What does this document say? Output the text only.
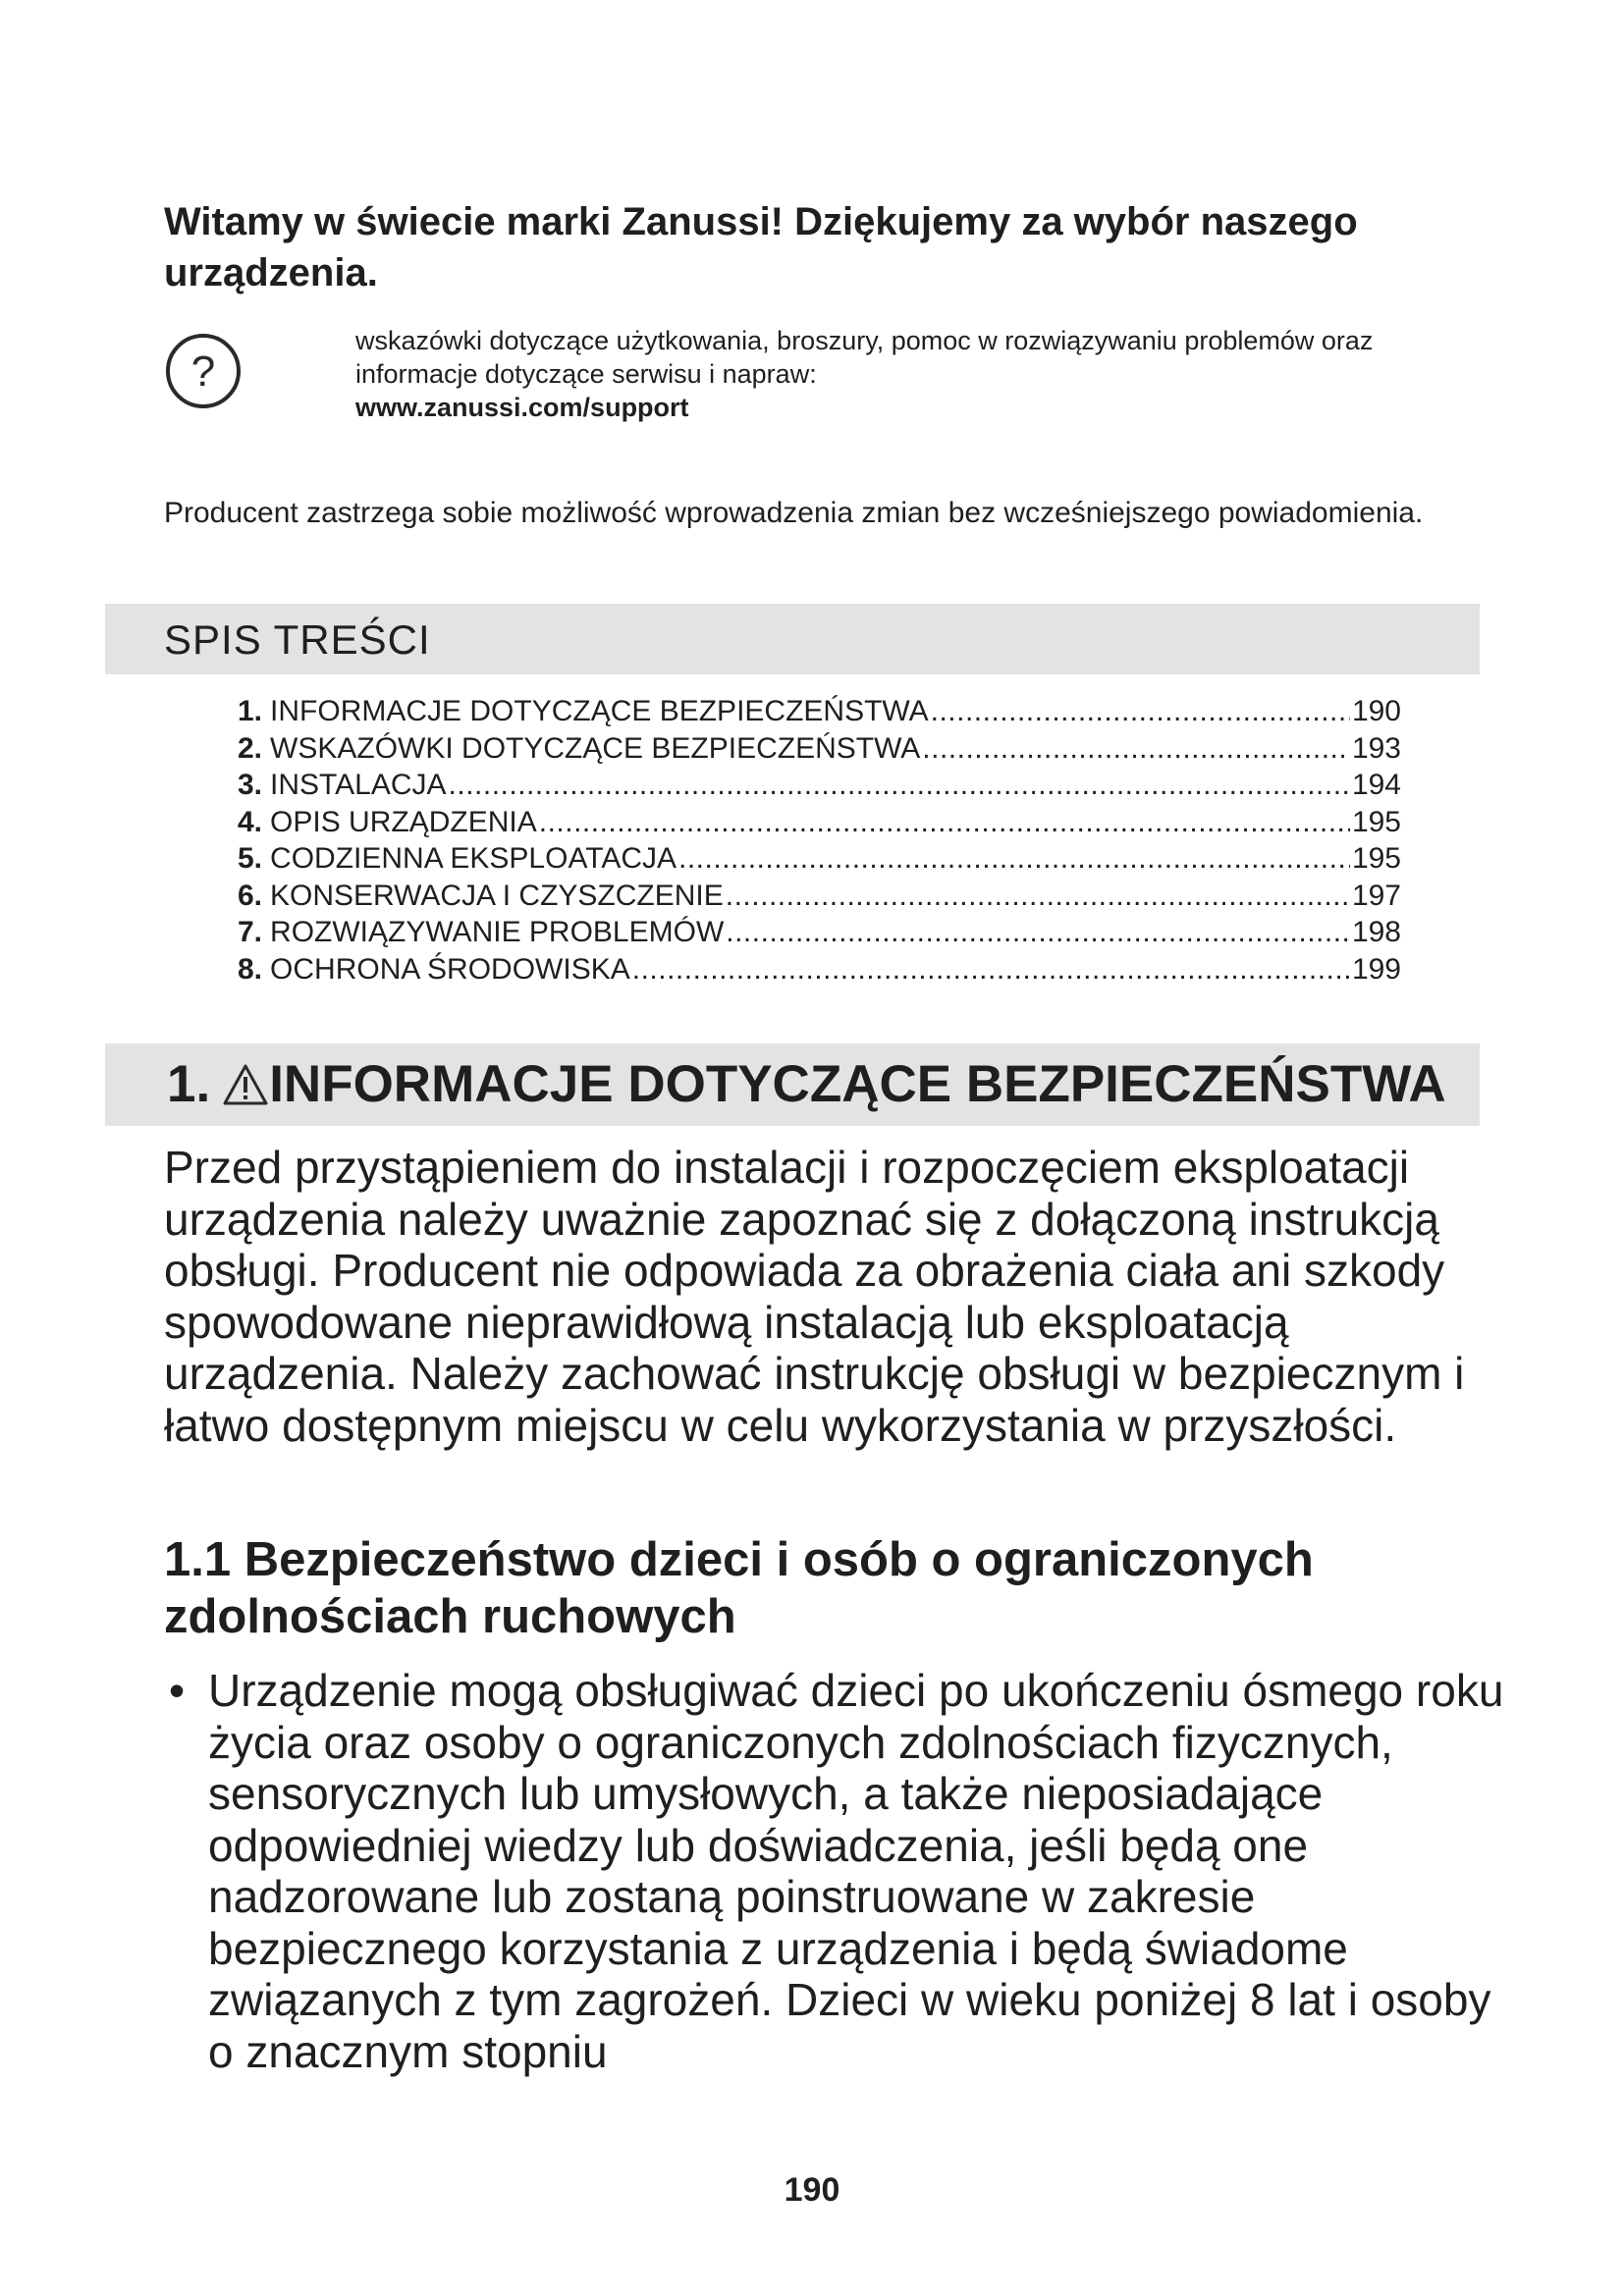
Witamy w świecie marki Zanussi! Dziękujemy za wybór naszego urządzenia.
?

wskazówki dotyczące użytkowania, broszury, pomoc w rozwiązywaniu problemów oraz informacje dotyczące serwisu i napraw:
www.zanussi.com/support

Producent zastrzega sobie możliwość wprowadzenia zmian bez wcześniejszego powiadomienia.

SPIS TREŚCI
1. INFORMACJE DOTYCZĄCE BEZPIECZEŃSTWA .....	190
2. WSKAZÓWKI DOTYCZĄCE BEZPIECZEŃSTWA .....	193
3. INSTALACJA .....	194
4. OPIS URZĄDZENIA .....	195
5. CODZIENNA EKSPLOATACJA .....	195
6. KONSERWACJA I CZYSZCZENIE .....	197
7. ROZWIĄZYWANIE PROBLEMÓW .....	198
8. OCHRONA ŚRODOWISKA .....	199
1. INFORMACJE DOTYCZĄCE BEZPIECZEŃSTWA

Przed przystąpieniem do instalacji i rozpoczęciem eksploatacji urządzenia należy uważnie zapoznać się z dołączoną instrukcją obsługi. Producent nie odpowiada za obrażenia ciała ani szkody spowodowane nieprawidłową instalacją lub eksploatacją urządzenia. Należy zachować instrukcję obsługi w bezpiecznym i łatwo dostępnym miejscu w celu wykorzystania w przyszłości.

1.1 Bezpieczeństwo dzieci i osób o ograniczonych zdolnościach ruchowych

• Urządzenie mogą obsługiwać dzieci po ukończeniu ósmego roku życia oraz osoby o ograniczonych zdolnościach fizycznych, sensorycznych lub umysłowych, a także nieposiadające odpowiedniej wiedzy lub doświadczenia, jeśli będą one nadzorowane lub zostaną poinstruowane w zakresie bezpiecznego korzystania z urządzenia i będą świadome związanych z tym zagrożeń. Dzieci w wieku poniżej 8 lat i osoby o znacznym stopniu

190
